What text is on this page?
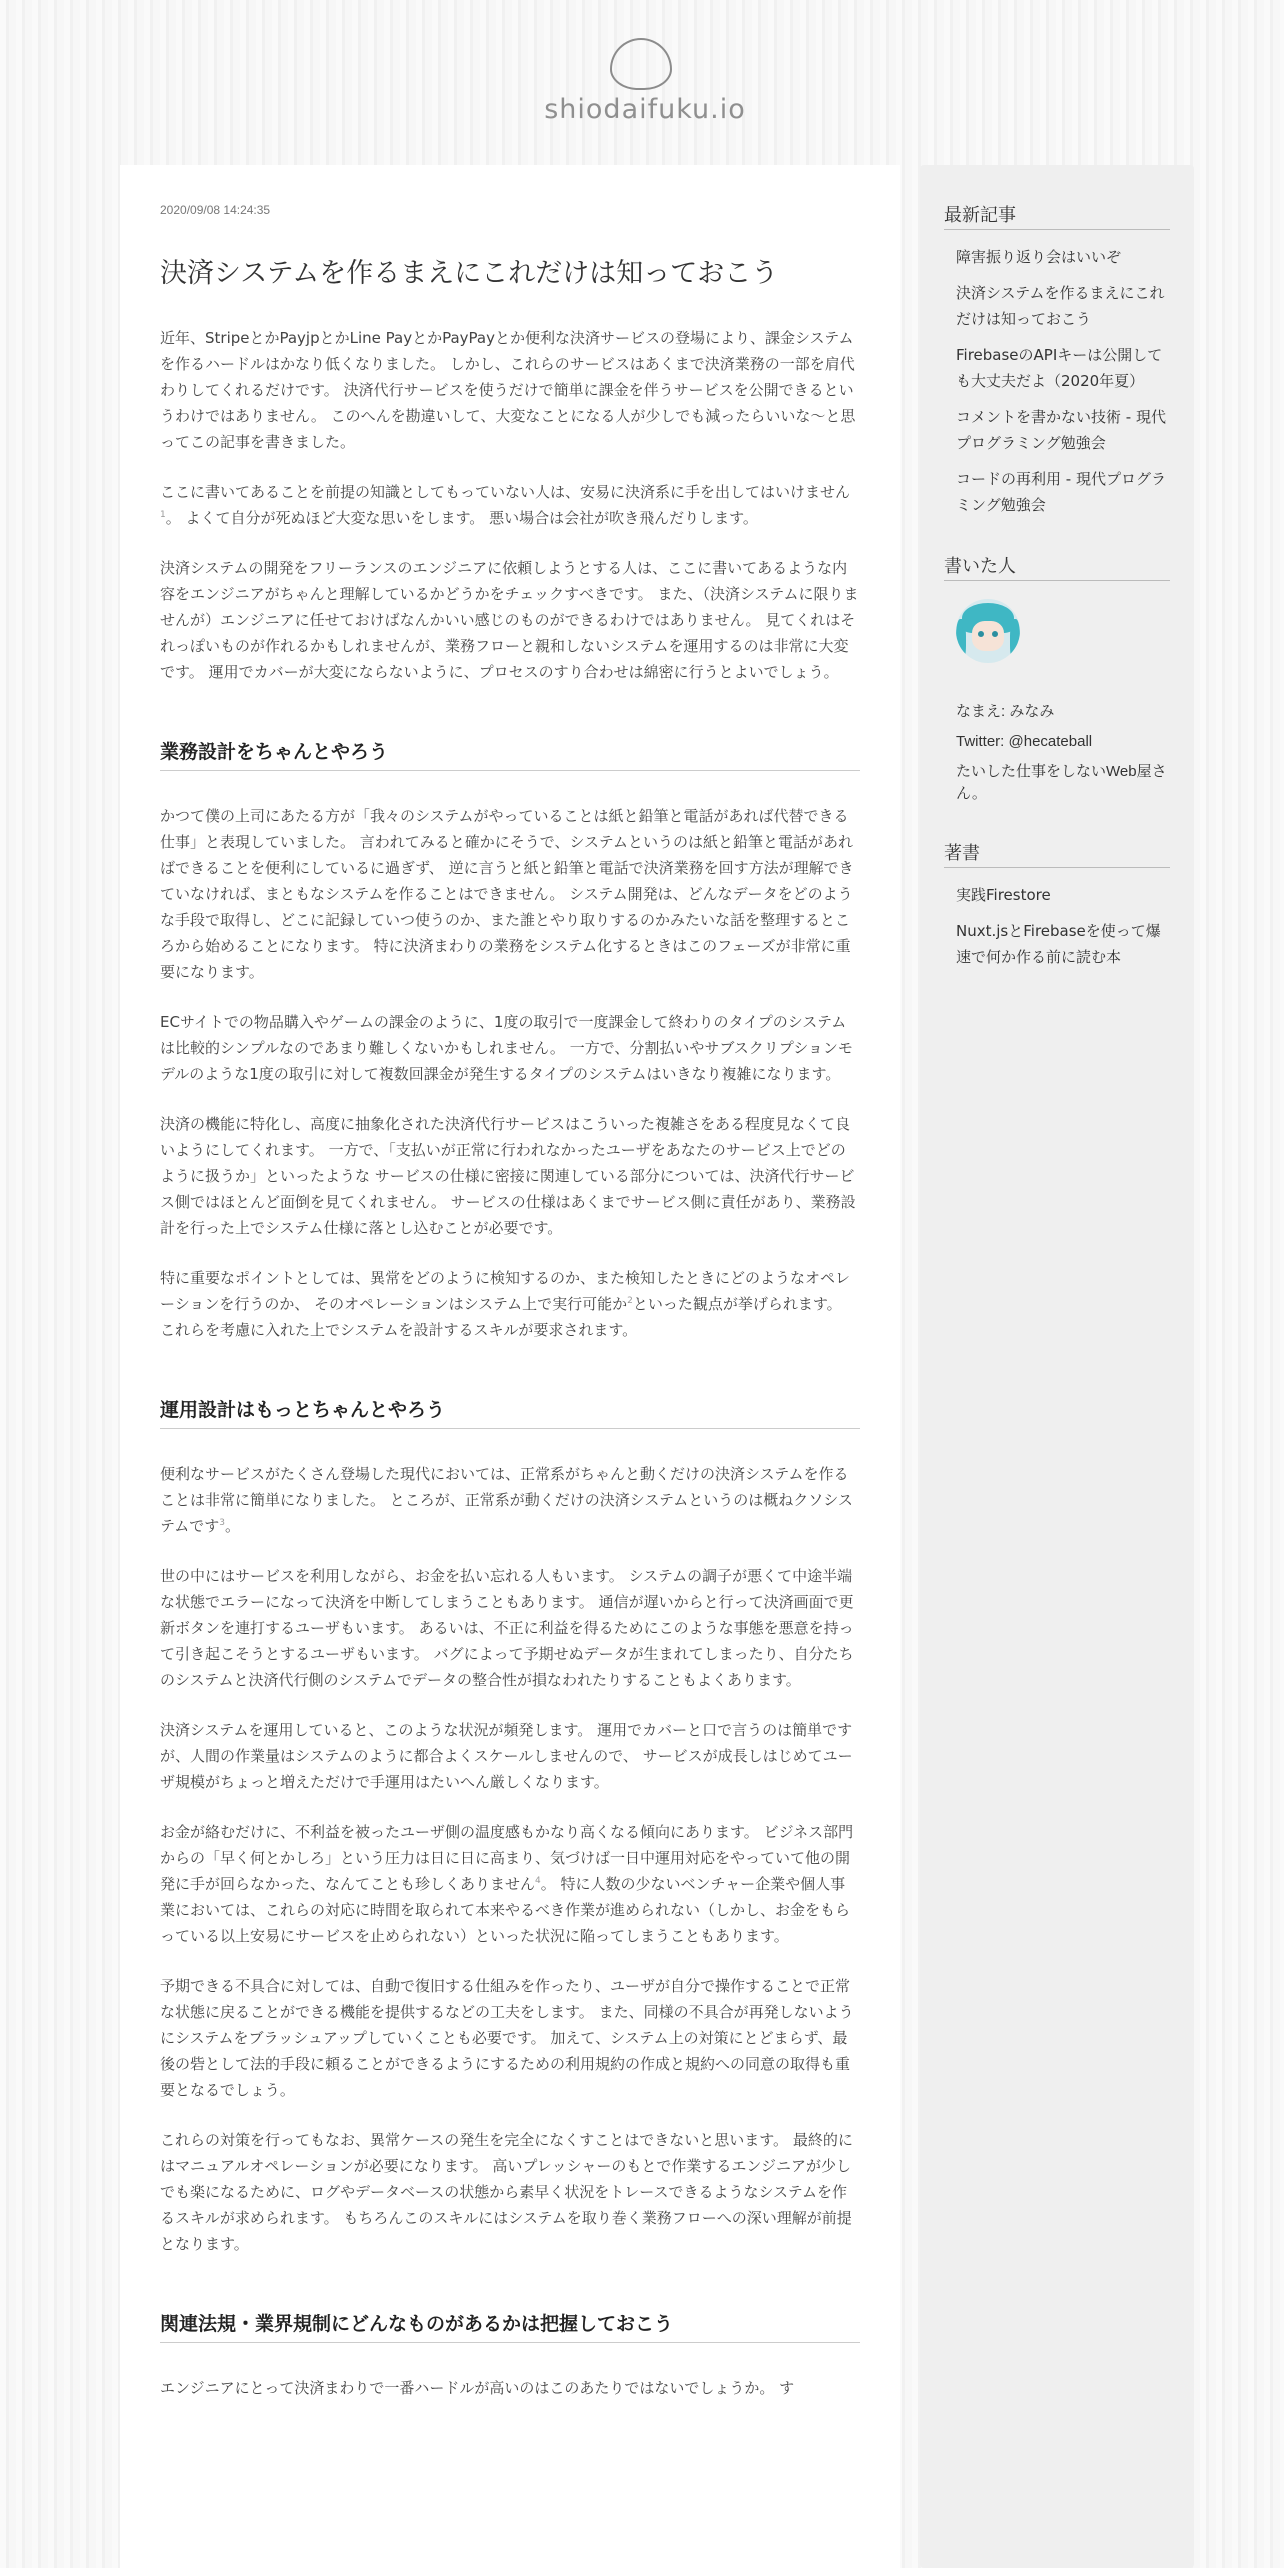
shiodaifuku.io
2020/09/08 14:24:35
決済システムを作るまえにこれだけは知っておこう

近年、StripeとかPayjpとかLine PayとかPayPayとか便利な決済サービスの登場により、課金システムを作るハードルはかなり低くなりました。 しかし、これらのサービスはあくまで決済業務の一部を肩代わりしてくれるだけです。 決済代行サービスを使うだけで簡単に課金を伴うサービスを公開できるというわけではありません。 このへんを勘違いして、大変なことになる人が少しでも減ったらいいな～と思ってこの記事を書きました。

ここに書いてあることを前提の知識としてもっていない人は、安易に決済系に手を出してはいけません$^1$。 よくて自分が死ぬほど大変な思いをします。 悪い場合は会社が吹き飛んだりします。

決済システムの開発をフリーランスのエンジニアに依頼しようとする人は、ここに書いてあるような内容をエンジニアがちゃんと理解しているかどうかをチェックすべきです。 また、（決済システムに限りませんが）エンジニアに任せておけばなんかいい感じのものができるわけではありません。 見てくれはそれっぽいものが作れるかもしれませんが、業務フローと親和しないシステムを運用するのは非常に大変です。 運用でカバーが大変にならないように、プロセスのすり合わせは綿密に行うとよいでしょう。

業務設計をちゃんとやろう

かつて僕の上司にあたる方が「我々のシステムがやっていることは紙と鉛筆と電話があれば代替できる仕事」と表現していました。 言われてみると確かにそうで、システムというのは紙と鉛筆と電話があればできることを便利にしているに過ぎず、 逆に言うと紙と鉛筆と電話で決済業務を回す方法が理解できていなければ、まともなシステムを作ることはできません。 システム開発は、どんなデータをどのような手段で取得し、どこに記録していつ使うのか、また誰とやり取りするのかみたいな話を整理するところから始めることになります。 特に決済まわりの業務をシステム化するときはこのフェーズが非常に重要になります。

ECサイトでの物品購入やゲームの課金のように、1度の取引で一度課金して終わりのタイプのシステムは比較的シンプルなのであまり難しくないかもしれません。 一方で、分割払いやサブスクリプションモデルのような1度の取引に対して複数回課金が発生するタイプのシステムはいきなり複雑になります。

決済の機能に特化し、高度に抽象化された決済代行サービスはこういった複雑さをある程度見なくて良いようにしてくれます。 一方で、「支払いが正常に行われなかったユーザをあなたのサービス上でどのように扱うか」といったような サービスの仕様に密接に関連している部分については、決済代行サービス側ではほとんど面倒を見てくれません。 サービスの仕様はあくまでサービス側に責任があり、業務設計を行った上でシステム仕様に落とし込むことが必要です。

特に重要なポイントとしては、異常をどのように検知するのか、また検知したときにどのようなオペレーションを行うのか、 そのオペレーションはシステム上で実行可能か$^2$といった観点が挙げられます。 これらを考慮に入れた上でシステムを設計するスキルが要求されます。

運用設計はもっとちゃんとやろう

便利なサービスがたくさん登場した現代においては、正常系がちゃんと動くだけの決済システムを作ることは非常に簡単になりました。 ところが、正常系が動くだけの決済システムというのは概ねクソシステムです$^3$。

世の中にはサービスを利用しながら、お金を払い忘れる人もいます。 システムの調子が悪くて中途半端な状態でエラーになって決済を中断してしまうこともあります。 通信が遅いからと行って決済画面で更新ボタンを連打するユーザもいます。 あるいは、不正に利益を得るためにこのような事態を悪意を持って引き起こそうとするユーザもいます。 バグによって予期せぬデータが生まれてしまったり、自分たちのシステムと決済代行側のシステムでデータの整合性が損なわれたりすることもよくあります。

決済システムを運用していると、このような状況が頻発します。 運用でカバーと口で言うのは簡単ですが、人間の作業量はシステムのように都合よくスケールしませんので、 サービスが成長しはじめてユーザ規模がちょっと増えただけで手運用はたいへん厳しくなります。

お金が絡むだけに、不利益を被ったユーザ側の温度感もかなり高くなる傾向にあります。 ビジネス部門からの「早く何とかしろ」という圧力は日に日に高まり、気づけば一日中運用対応をやっていて他の開発に手が回らなかった、なんてことも珍しくありません$^4$。 特に人数の少ないベンチャー企業や個人事業においては、これらの対応に時間を取られて本来やるべき作業が進められない（しかし、お金をもらっている以上安易にサービスを止められない）といった状況に陥ってしまうこともあります。

予期できる不具合に対しては、自動で復旧する仕組みを作ったり、ユーザが自分で操作することで正常な状態に戻ることができる機能を提供するなどの工夫をします。 また、同様の不具合が再発しないようにシステムをブラッシュアップしていくことも必要です。 加えて、システム上の対策にとどまらず、最後の砦として法的手段に頼ることができるようにするための利用規約の作成と規約への同意の取得も重要となるでしょう。

これらの対策を行ってもなお、異常ケースの発生を完全になくすことはできないと思います。 最終的にはマニュアルオペレーションが必要になります。 高いプレッシャーのもとで作業するエンジニアが少しでも楽になるために、ログやデータベースの状態から素早く状況をトレースできるようなシステムを作るスキルが求められます。 もちろんこのスキルにはシステムを取り巻く業務フローへの深い理解が前提となります。

関連法規・業界規制にどんなものがあるかは把握しておこう

エンジニアにとって決済まわりで一番ハードルが高いのはこのあたりではないでしょうか。 す

最新記事
障害振り返り会はいいぞ
決済システムを作るまえにこれだけは知っておこう
FirebaseのAPIキーは公開しても大丈夫だよ（2020年夏）
コメントを書かない技術 - 現代プログラミング勉強会
コードの再利用 - 現代プログラミング勉強会
書いた人
なまえ: みなみ
Twitter: @hecateball
たいした仕事をしないWeb屋さん。
著書
実践Firestore
Nuxt.jsとFirebaseを使って爆速で何か作る前に読む本
